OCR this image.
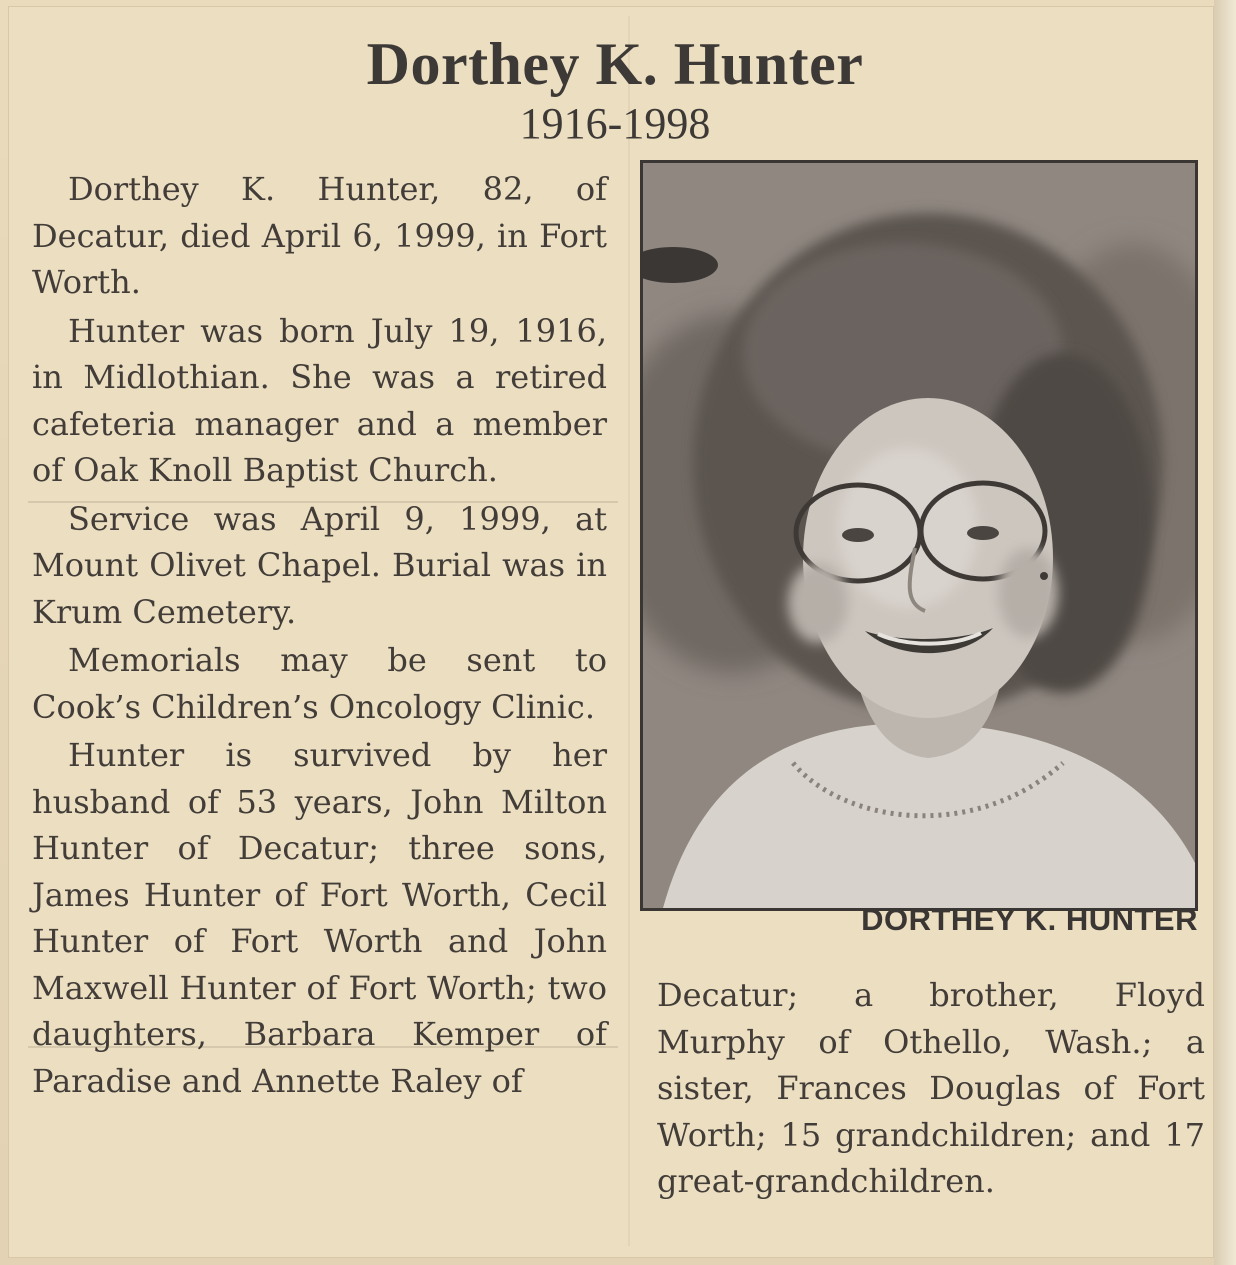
Dorthey K. Hunter
1916-1998

Dorthey K. Hunter, 82, of Decatur, died April 6, 1999, in Fort Worth.

Hunter was born July 19, 1916, in Midlothian. She was a retired cafeteria manager and a member of Oak Knoll Baptist Church.

Service was April 9, 1999, at Mount Olivet Chapel. Burial was in Krum Cemetery.

Memorials may be sent to Cook’s Children’s Oncology Clinic.

Hunter is survived by her husband of 53 years, John Milton Hunter of Decatur; three sons, James Hunter of Fort Worth, Cecil Hunter of Fort Worth and John Maxwell Hunter of Fort Worth; two daughters, Barbara Kemper of Paradise and Annette Raley of

DORTHEY K. HUNTER

Decatur; a brother, Floyd Murphy of Othello, Wash.; a sister, Frances Douglas of Fort Worth; 15 grandchildren; and 17 great-grandchildren.
